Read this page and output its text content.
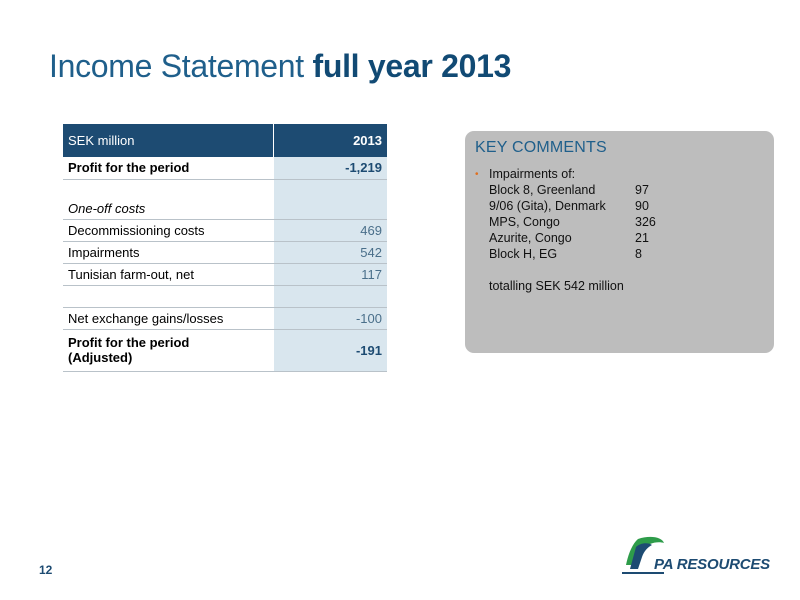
Income Statement full year 2013
SEK million	2013
Profit for the period	-1,219
One-off costs	
Decommissioning costs	469
Impairments	542
Tunisian farm-out, net	117

Net exchange gains/losses	-100
Profit for the period
(Adjusted)	-191
KEY COMMENTS
• Impairments of:
Block 8, Greenland	97
9/06 (Gita), Denmark	90
MPS, Congo	326
Azurite, Congo	21
Block H, EG	8
totalling SEK 542 million
12	PA RESOURCES
